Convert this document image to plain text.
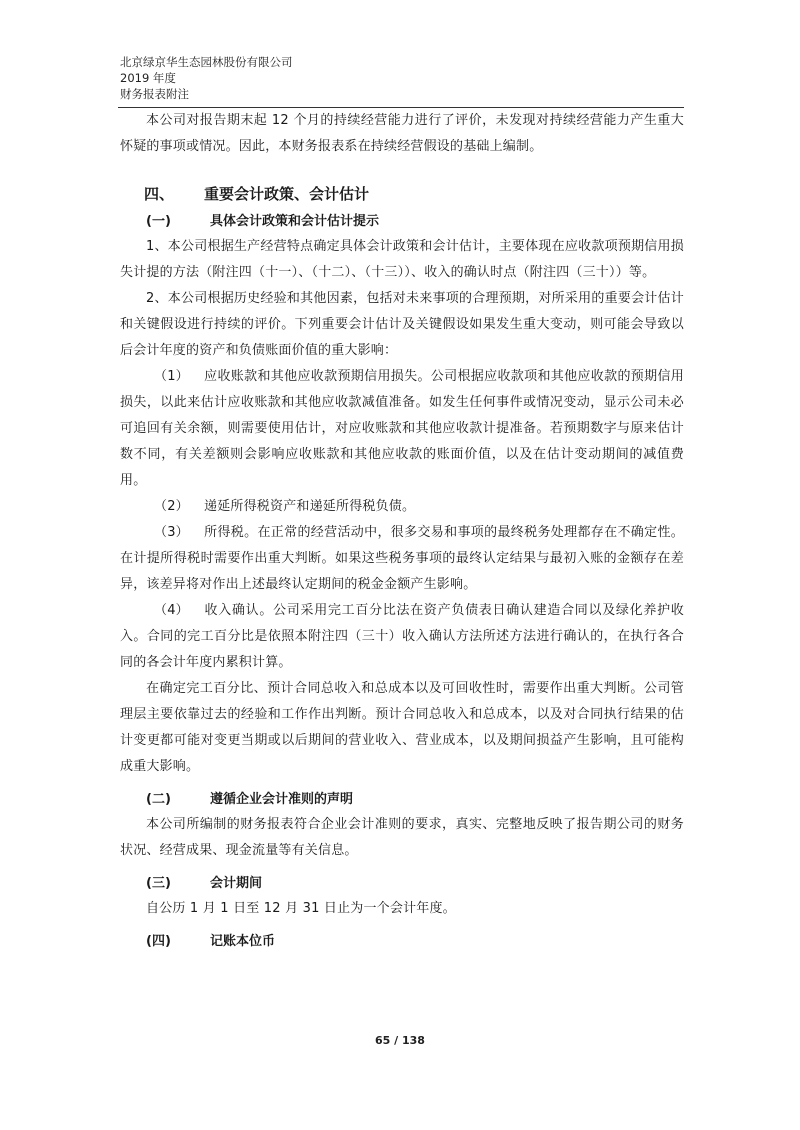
北京绿京华生态园林股份有限公司
2019 年度
财务报表附注
本公司对报告期末起 12 个月的持续经营能力进行了评价，未发现对持续经营能力产生重大怀疑的事项或情况。因此，本财务报表系在持续经营假设的基础上编制。
四、 重要会计政策、会计估计
(一)	具体会计政策和会计估计提示
1、本公司根据生产经营特点确定具体会计政策和会计估计，主要体现在应收款项预期信用损失计提的方法（附注四（十一）、（十二）、（十三））、收入的确认时点（附注四（三十））等。
2、本公司根据历史经验和其他因素，包括对未来事项的合理预期，对所采用的重要会计估计和关键假设进行持续的评价。下列重要会计估计及关键假设如果发生重大变动，则可能会导致以后会计年度的资产和负债账面价值的重大影响：
（1） 应收账款和其他应收款预期信用损失。公司根据应收款项和其他应收款的预期信用损失，以此来估计应收账款和其他应收款减值准备。如发生任何事件或情况变动，显示公司未必可追回有关余额，则需要使用估计，对应收账款和其他应收款计提准备。若预期数字与原来估计数不同，有关差额则会影响应收账款和其他应收款的账面价值，以及在估计变动期间的减值费用。
（2） 递延所得税资产和递延所得税负债。
（3） 所得税。在正常的经营活动中，很多交易和事项的最终税务处理都存在不确定性。在计提所得税时需要作出重大判断。如果这些税务事项的最终认定结果与最初入账的金额存在差异，该差异将对作出上述最终认定期间的税金金额产生影响。
（4） 收入确认。公司采用完工百分比法在资产负债表日确认建造合同以及绿化养护收入。合同的完工百分比是依照本附注四（三十）收入确认方法所述方法进行确认的，在执行各合同的各会计年度内累积计算。
在确定完工百分比、预计合同总收入和总成本以及可回收性时，需要作出重大判断。公司管理层主要依靠过去的经验和工作作出判断。预计合同总收入和总成本，以及对合同执行结果的估计变更都可能对变更当期或以后期间的营业收入、营业成本，以及期间损益产生影响，且可能构成重大影响。
(二)	遵循企业会计准则的声明
本公司所编制的财务报表符合企业会计准则的要求，真实、完整地反映了报告期公司的财务状况、经营成果、现金流量等有关信息。
(三)	会计期间
自公历 1 月 1 日至 12 月 31 日止为一个会计年度。
(四)	记账本位币
65 / 138
